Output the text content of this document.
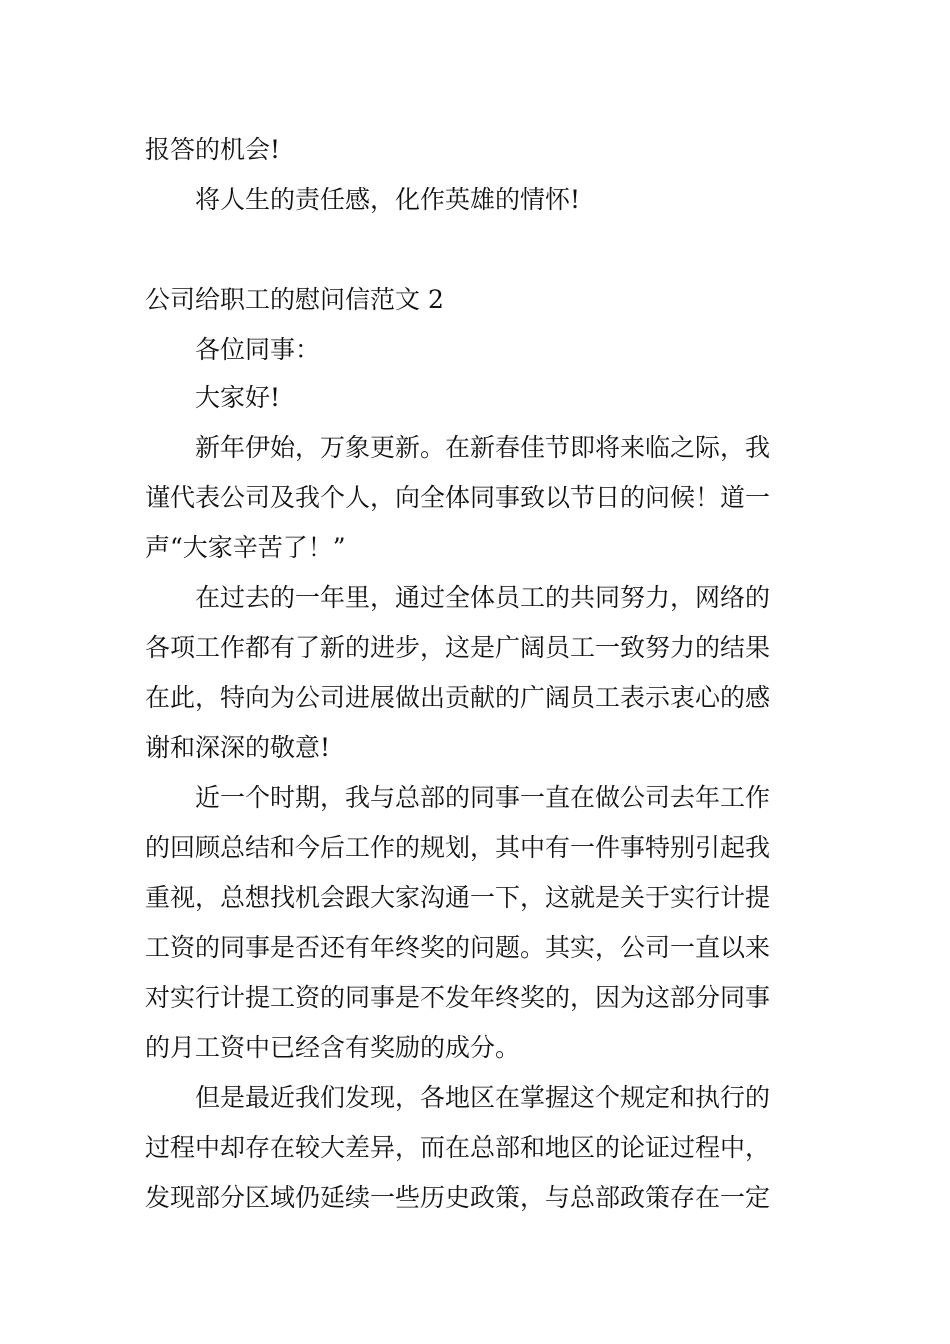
报答的机会!
将人生的责任感，化作英雄的情怀!
公司给职工的慰问信范文 2
各位同事：
大家好!
新年伊始，万象更新。在新春佳节即将来临之际，我
谨代表公司及我个人，向全体同事致以节日的问候！道一
声“大家辛苦了！”
在过去的一年里，通过全体员工的共同努力，网络的
各项工作都有了新的进步，这是广阔员工一致努力的结果
在此，特向为公司进展做出贡献的广阔员工表示衷心的感
谢和深深的敬意!
近一个时期，我与总部的同事一直在做公司去年工作
的回顾总结和今后工作的规划，其中有一件事特别引起我
重视，总想找机会跟大家沟通一下，这就是关于实行计提
工资的同事是否还有年终奖的问题。其实，公司一直以来
对实行计提工资的同事是不发年终奖的，因为这部分同事
的月工资中已经含有奖励的成分。
但是最近我们发现，各地区在掌握这个规定和执行的
过程中却存在较大差异，而在总部和地区的论证过程中，
发现部分区域仍延续一些历史政策，与总部政策存在一定
